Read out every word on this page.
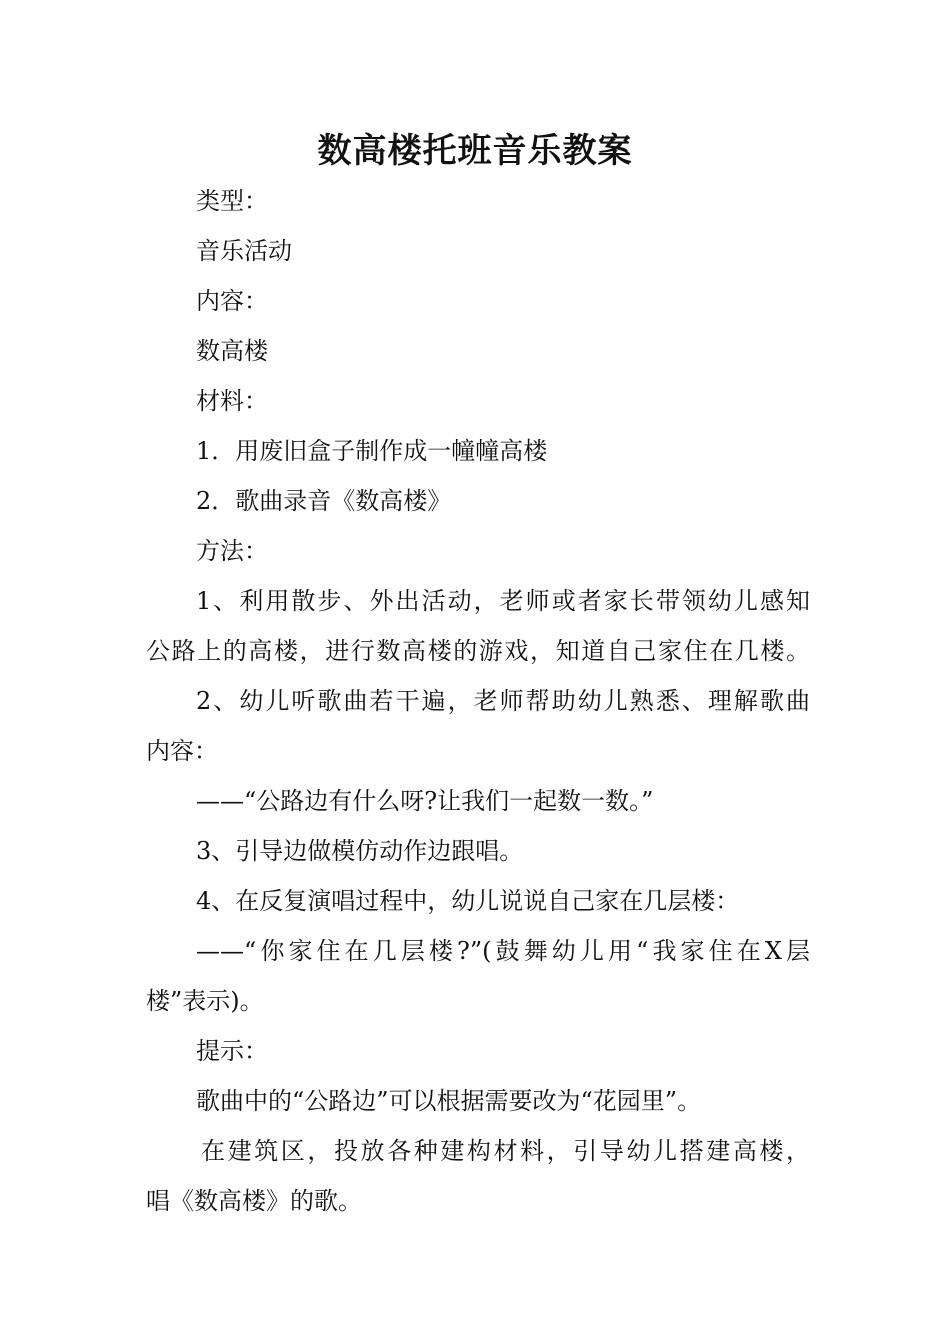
数高楼托班音乐教案

类型：

音乐活动

内容：

数高楼

材料：

1．用废旧盒子制作成一幢幢高楼

2．歌曲录音《数高楼》

方法：

1、利用散步、外出活动，老师或者家长带领幼儿感知

公路上的高楼，进行数高楼的游戏，知道自己家住在几楼。

2、幼儿听歌曲若干遍，老师帮助幼儿熟悉、理解歌曲

内容：

——“公路边有什么呀?让我们一起数一数。”

3、引导边做模仿动作边跟唱。

4、在反复演唱过程中，幼儿说说自己家在几层楼：

——“你家住在几层楼?”(鼓舞幼儿用“我家住在X层

楼”表示)。

提示：

歌曲中的“公路边”可以根据需要改为“花园里”。

在建筑区，投放各种建构材料，引导幼儿搭建高楼，

唱《数高楼》的歌。
